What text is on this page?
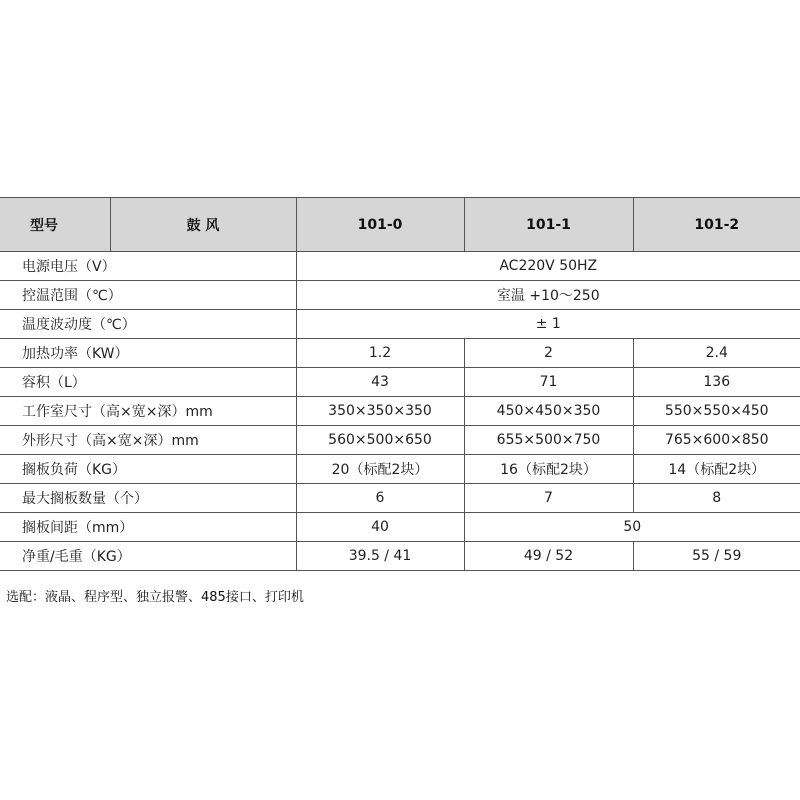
型号	鼓 风	101-0	101-1	101-2
电源电压（V）		AC220V 50HZ		
控温范围（℃）		室温 +10～250		
温度波动度（℃）		± 1		
加热功率（KW）		1.2	2	2.4
容积（L）		43	71	136
工作室尺寸（高×宽×深）mm		350×350×350	450×450×350	550×550×450
外形尺寸（高×宽×深）mm		560×500×650	655×500×750	765×600×850
搁板负荷（KG）		20（标配2块）	16（标配2块）	14（标配2块）
最大搁板数量（个）		6	7	8
搁板间距（mm）		40	50	
净重/毛重（KG）		39.5 / 41	49 / 52	55 / 59
选配：液晶、程序型、独立报警、485接口、打印机
